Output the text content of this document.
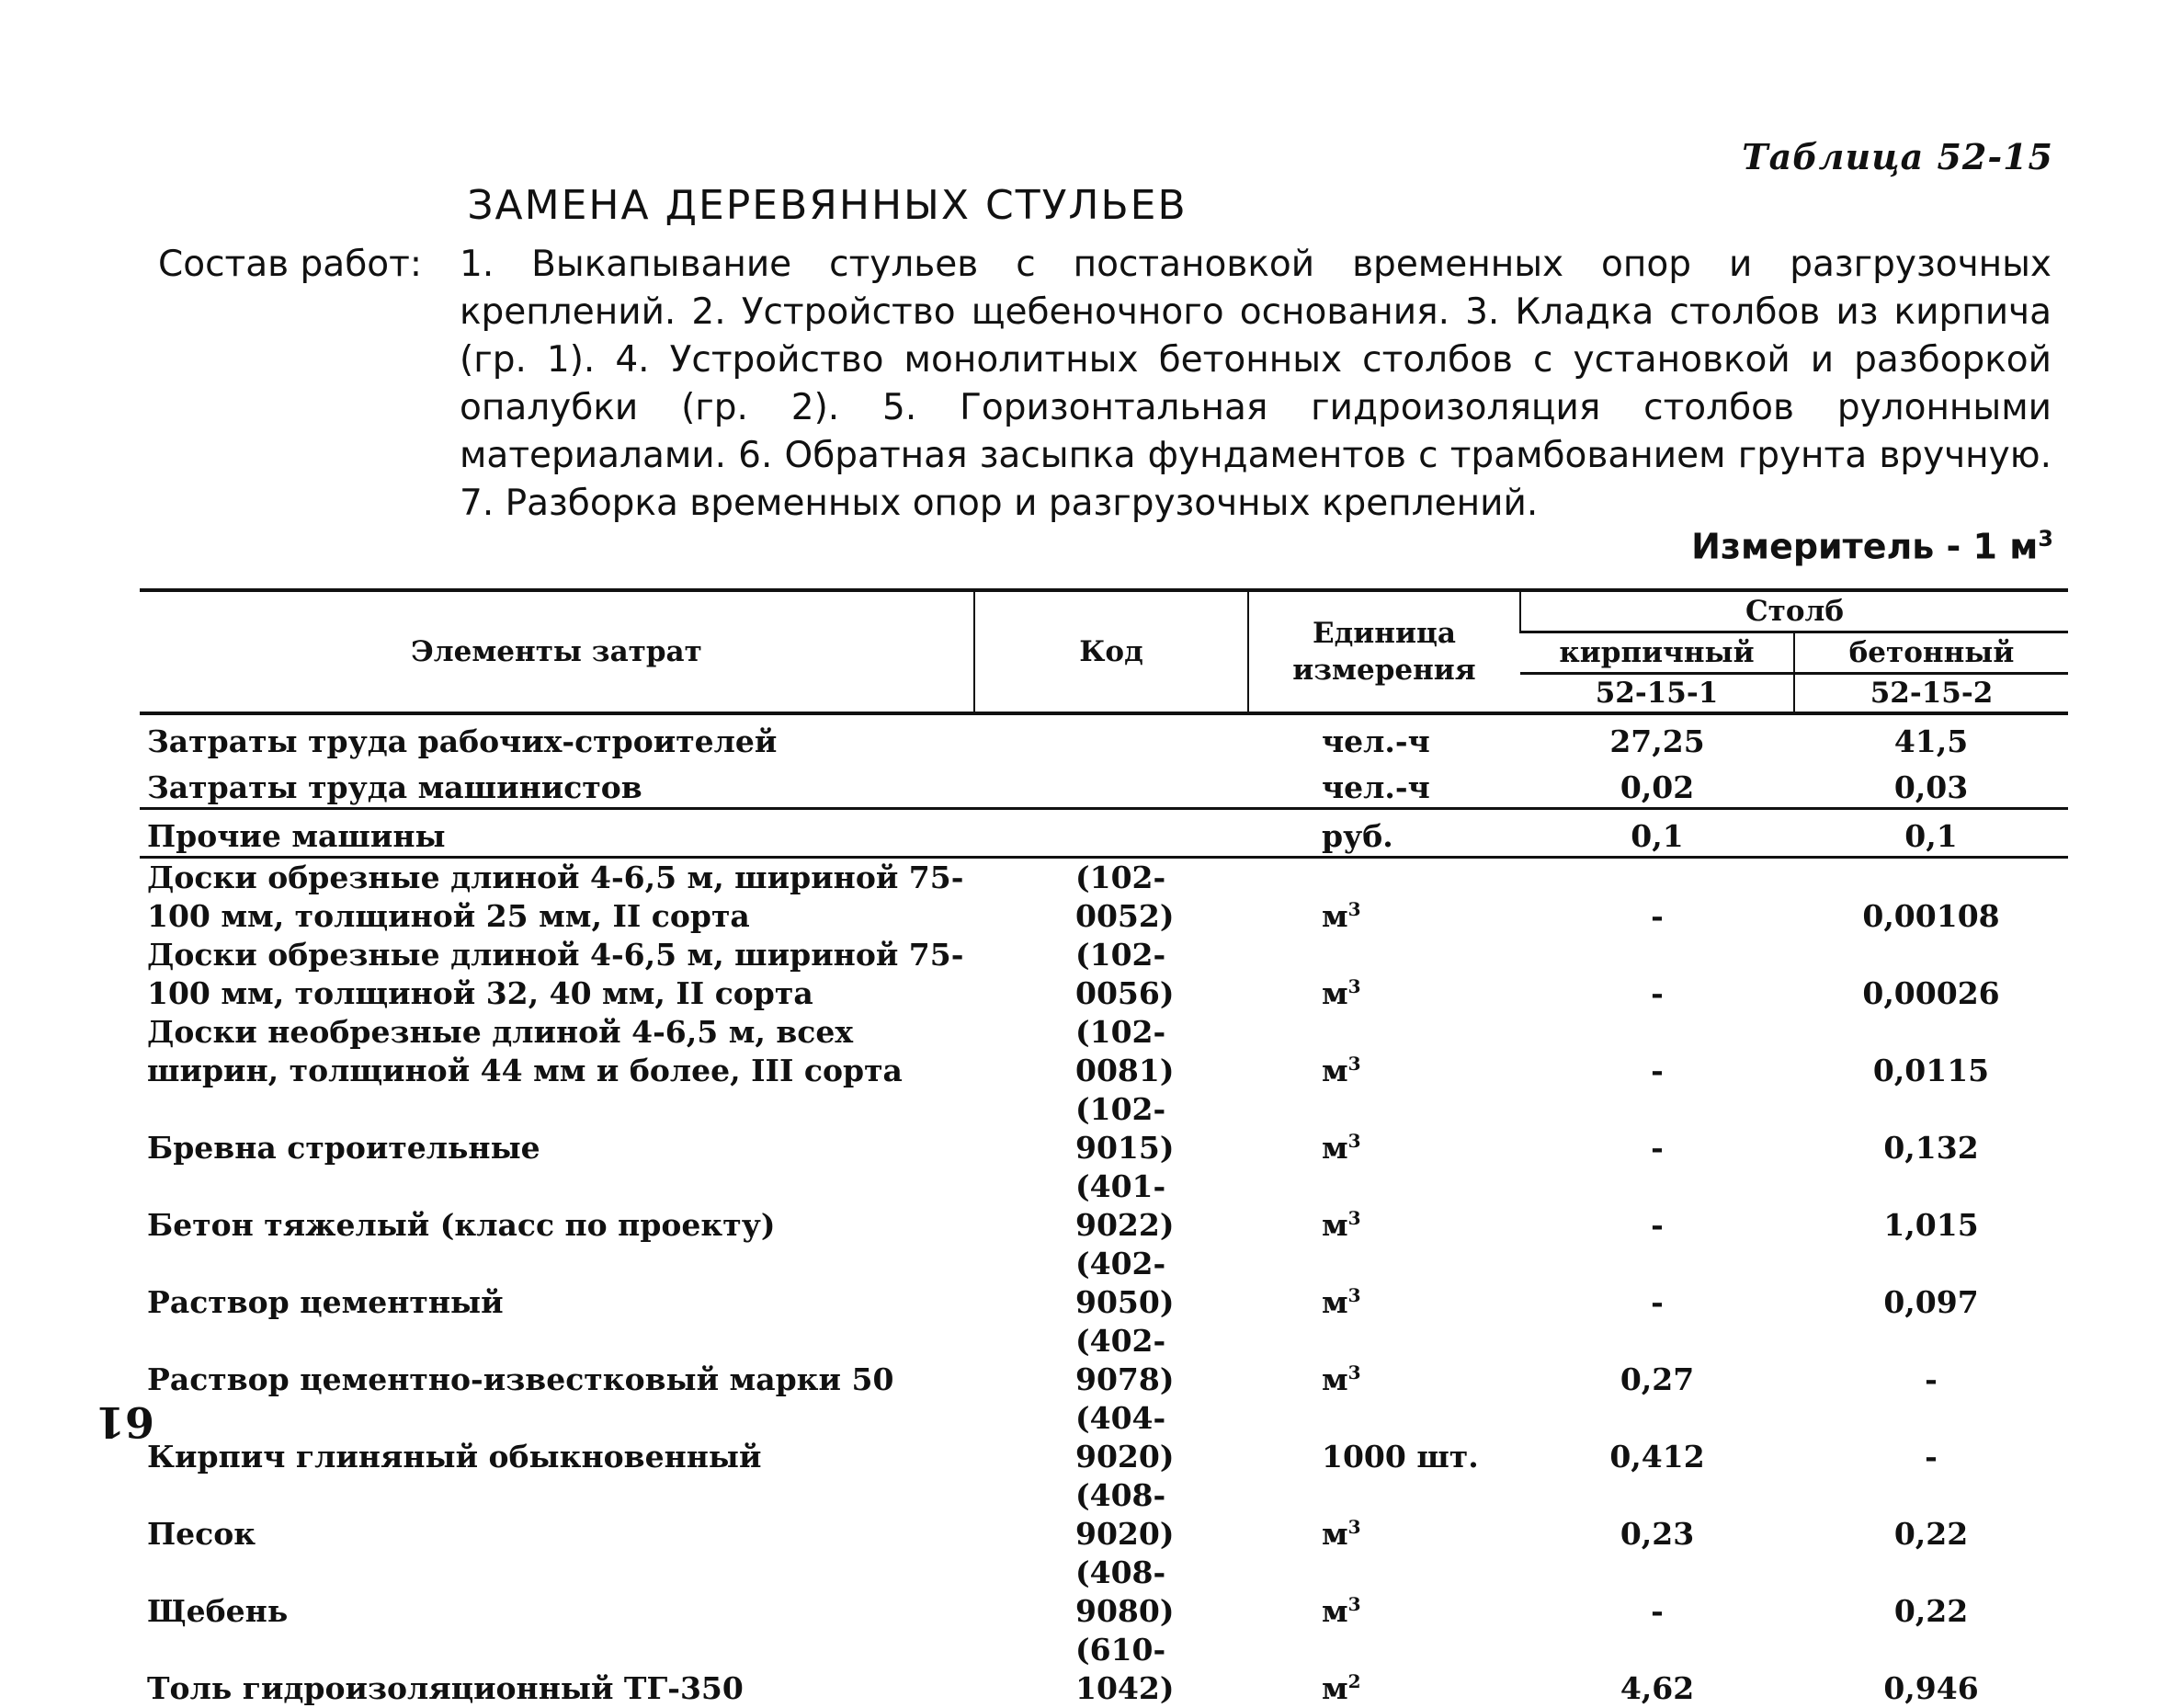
Таблица 52-15
ЗАМЕНА ДЕРЕВЯННЫХ СТУЛЬЕВ
Состав работ: 1. Выкапывание стульев с постановкой временных опор и разгрузочных креплений. 2. Устройство щебеночного основания. 3. Кладка столбов из кирпича (гр. 1). 4. Устройство монолитных бетонных столбов с установкой и разборкой опалубки (гр. 2). 5. Горизонтальная гидроизоляция столбов рулонными материалами. 6. Обратная засыпка фундаментов с трамбованием грунта вручную. 7. Разборка временных опор и разгрузочных креплений.
Измеритель - 1 $м^3$
Элементы затрат	Код	Единица измерения	Столб	
			кирпичный	бетонный
			52-15-1	52-15-2
Затраты труда рабочих-строителей		чел.-ч	27,25	41,5
Затраты труда машинистов		чел.-ч	0,02	0,03
Прочие машины		руб.	0,1	0,1
Доски обрезные длиной 4-6,5 м, шириной 75-100 мм, толщиной 25 мм, II сорта	(102-0052)	$м^3$	-	0,00108
Доски обрезные длиной 4-6,5 м, шириной 75-100 мм, толщиной 32, 40 мм, II сорта	(102-0056)	$м^3$	-	0,00026
Доски необрезные длиной 4-6,5 м, всех ширин, толщиной 44 мм и более, III сорта	(102-0081)	$м^3$	-	0,0115
Бревна строительные	(102-9015)	$м^3$	-	0,132
Бетон тяжелый (класс по проекту)	(401-9022)	$м^3$	-	1,015
Раствор цементный	(402-9050)	$м^3$	-	0,097
Раствор цементно-известковый марки 50	(402-9078)	$м^3$	0,27	-
Кирпич глиняный обыкновенный	(404-9020)	1000 шт.	0,412	-
Песок	(408-9020)	$м^3$	0,23	0,22
Щебень	(408-9080)	$м^3$	-	0,22
Толь гидроизоляционный ТГ-350	(610-1042)	$м^2$	4,62	0,946
61
